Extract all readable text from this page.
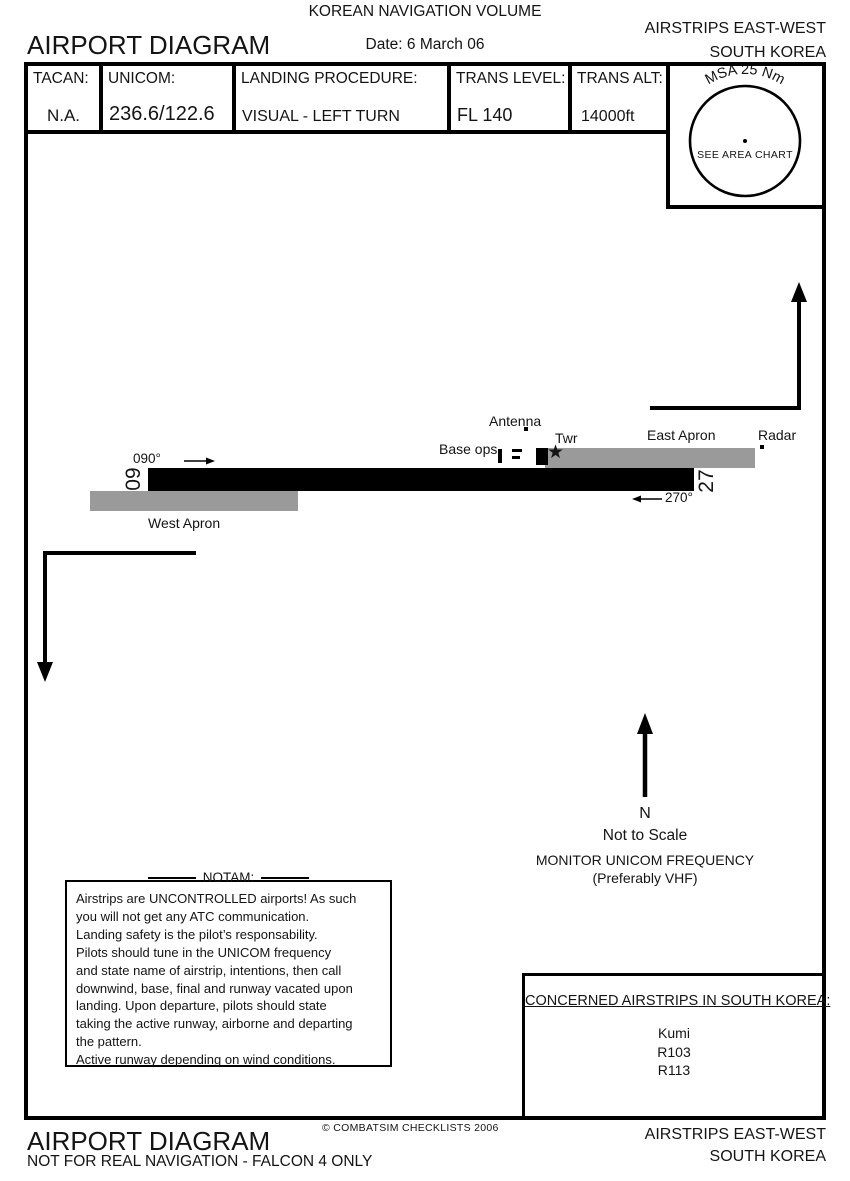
KOREAN NAVIGATION VOLUME
AIRPORT DIAGRAM	Date: 6 March 06
AIRSTRIPS EAST-WEST
SOUTH KOREA
TACAN:
N.A.
UNICOM:
236.6/122.6
LANDING PROCEDURE:
VISUAL - LEFT TURN
TRANS LEVEL:
FL 140
TRANS ALT:
14000ft
MSA 25 Nm
SEE AREA CHART
★
09	27
090°
270°
West Apron
East Apron
Base ops
Antenna
Twr	Radar
N
Not to Scale
MONITOR UNICOM FREQUENCY
(Preferably VHF)
NOTAM:
Airstrips are UNCONTROLLED airports! As such
you will not get any ATC communication.
Landing safety is the pilot’s responsability.
Pilots should tune in the UNICOM frequency
and state name of airstrip, intentions, then call
downwind, base, final and runway vacated upon
landing. Upon departure, pilots should state
taking the active runway, airborne and departing
the pattern.
Active runway depending on wind conditions.
CONCERNED AIRSTRIPS IN SOUTH KOREA:
Kumi
R103
R113
AIRPORT DIAGRAM
NOT FOR REAL NAVIGATION - FALCON 4 ONLY
© COMBATSIM CHECKLISTS 2006	AIRSTRIPS EAST-WEST
SOUTH KOREA
